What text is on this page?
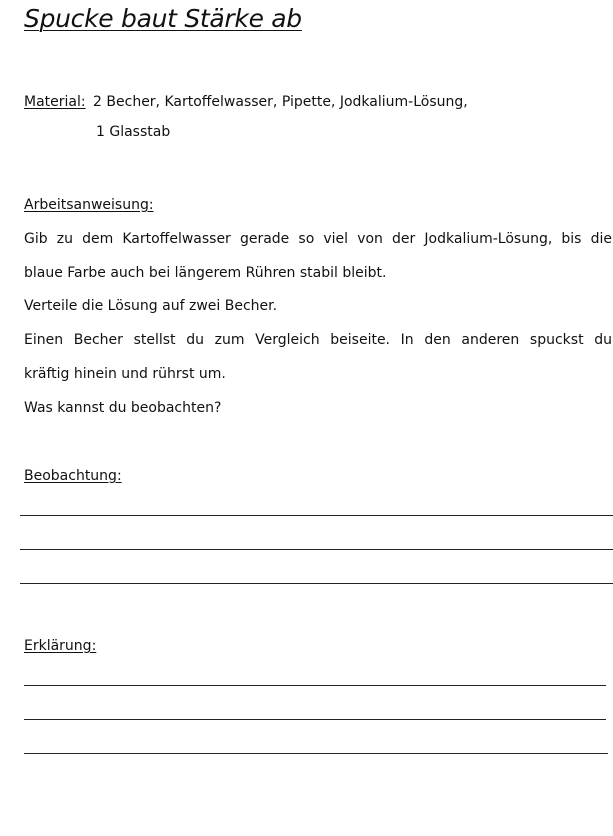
Spucke baut Stärke ab
Material: 2 Becher, Kartoffelwasser, Pipette, Jodkalium-Lösung,
1 Glasstab
Arbeitsanweisung:
Gib zu dem Kartoffelwasser gerade so viel von der Jodkalium-Lösung, bis die
blaue Farbe auch bei längerem Rühren stabil bleibt.
Verteile die Lösung auf zwei Becher.
Einen Becher stellst du zum Vergleich beiseite. In den anderen spuckst du
kräftig hinein und rührst um.
Was kannst du beobachten?
Beobachtung:
Erklärung:
